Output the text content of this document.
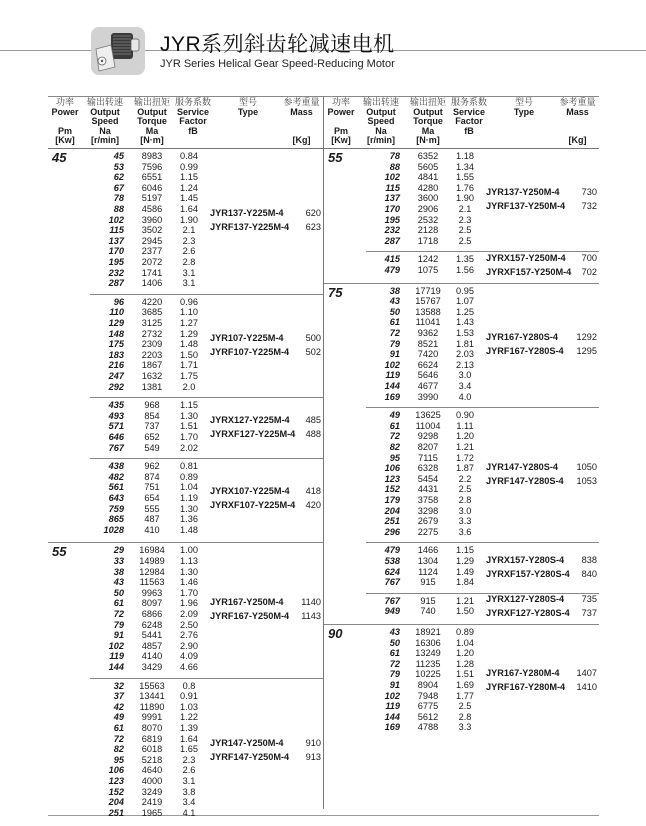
JYR系列斜齿轮减速电机
JYR Series Helical Gear Speed-Reducing Motor
功率
Power

Pm
[Kw]
输出转速
Output
Speed
Na
[r/min]
输出扭矩
Output
Torque
Ma
[N·m]
服务系数
Service
Factor
fB
型号
Type

参考重量
Mass

[Kg]
45	45	8983	0.84
53	7596	0.99
62	6551	1.15
67	6046	1.24
78	5197	1.45
88	4586	1.64
102	3960	1.90
115	3502	2.1
137	2945	2.3
170	2377	2.6
195	2072	2.8
232	1741	3.1
287	1406	3.1
JYR137-Y225M-4 620
JYRF137-Y225M-4 623
96	4220	0.96
110	3685	1.10
129	3125	1.27
148	2732	1.29
175	2309	1.48
183	2203	1.50
216	1867	1.71
247	1632	1.75
292	1381	2.0
JYR107-Y225M-4 500
JYRF107-Y225M-4 502
435	968	1.15
493	854	1.30
571	737	1.51
646	652	1.70
767	549	2.02
JYRX127-Y225M-4 485
JYRXF127-Y225M-4 488
438	962	0.81
482	874	0.89
561	751	1.04
643	654	1.19
759	555	1.30
865	487	1.36
1028	410	1.48
JYRX107-Y225M-4 418
JYRXF107-Y225M-4 420
55	29	16984	1.00
33	14989	1.13
38	12984	1.30
43	11563	1.46
50	9963	1.70
61	8097	1.96
72	6866	2.09
79	6248	2.50
91	5441	2.76
102	4857	2.90
119	4140	4.09
144	3429	4.66
JYR167-Y250M-4 1140
JYRF167-Y250M-4 1143
32	15563	0.8
37	13441	0.91
42	11890	1.03
49	9991	1.22
61	8070	1.39
72	6819	1.64
82	6018	1.65
95	5218	2.3
106	4640	2.6
123	4000	3.1
152	3249	3.8
204	2419	3.4
251	1965	4.1
JYR147-Y250M-4 910
JYRF147-Y250M-4 913
功率
Power

Pm
[Kw]
输出转速
Output
Speed
Na
[r/min]
输出扭矩
Output
Torque
Ma
[N·m]
服务系数
Service
Factor
fB
型号
Type

参考重量
Mass

[Kg]
55	78	6352	1.18
88	5605	1.34
102	4841	1.55
115	4280	1.76
137	3600	1.90
170	2906	2.1
195	2532	2.3
232	2128	2.5
287	1718	2.5
JYR137-Y250M-4 730
JYRF137-Y250M-4 732
415	1242	1.35
479	1075	1.56
JYRX157-Y250M-4 700
JYRXF157-Y250M-4 702
75	38	17719	0.95
43	15767	1.07
50	13588	1.25
61	11041	1.43
72	9362	1.53
79	8521	1.81
91	7420	2.03
102	6624	2.13
119	5646	3.0
144	4677	3.4
169	3990	4.0
JYR167-Y280S-4 1292
JYRF167-Y280S-4 1295
49	13625	0.90
61	11004	1.11
72	9298	1.20
82	8207	1.21
95	7115	1.72
106	6328	1.87
123	5454	2.2
152	4431	2.5
179	3758	2.8
204	3298	3.0
251	2679	3.3
296	2275	3.6
JYR147-Y280S-4 1050
JYRF147-Y280S-4 1053
479	1466	1.15
538	1304	1.29
624	1124	1.49
767	915	1.84
JYRX157-Y280S-4 838
JYRXF157-Y280S-4 840
767	915	1.21
949	740	1.50
JYRX127-Y280S-4 735
JYRXF127-Y280S-4 737
90	43	18921	0.89
50	16306	1.04
61	13249	1.20
72	11235	1.28
79	10225	1.51
91	8904	1.69
102	7948	1.77
119	6775	2.5
144	5612	2.8
169	4788	3.3
JYR167-Y280M-4 1407
JYRF167-Y280M-4 1410
